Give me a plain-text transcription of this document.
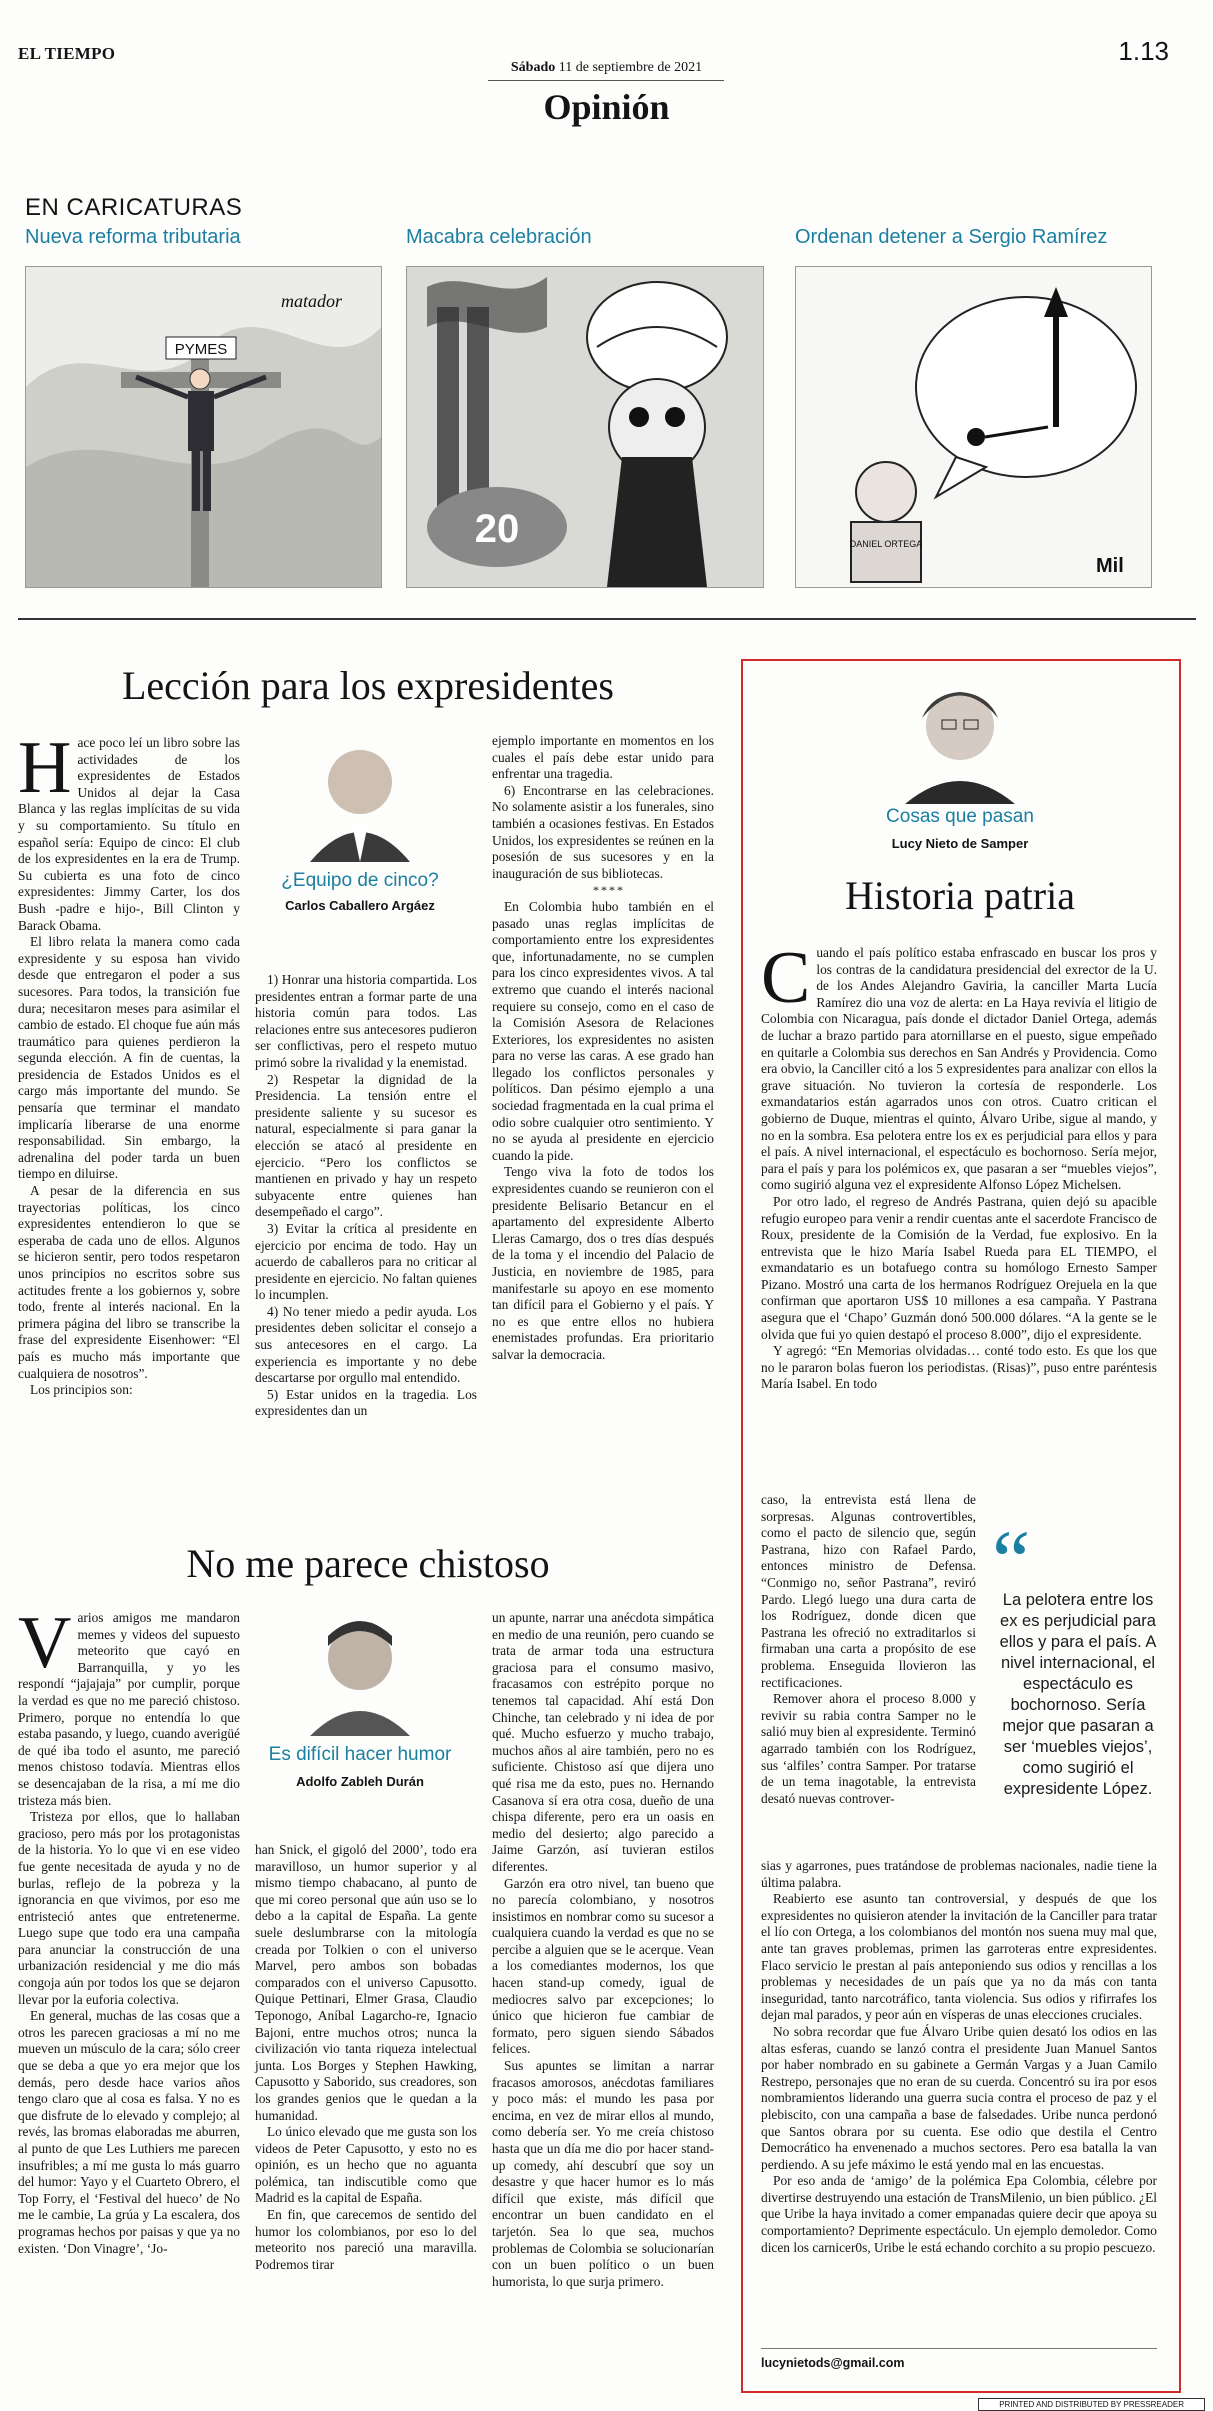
EL TIEMPO	1.13
Sábado 11 de septiembre de 2021
Opinión
EN CARICATURAS
Nueva reforma tributaria	Macabra celebración	Ordenan detener a Sergio Ramírez
PYMES
matador
20	DANIEL ORTEGA
Mil
Lección para los expresidentes

Hace poco leí un libro sobre las actividades de los expresidentes de Estados Unidos al dejar la Casa Blanca y las reglas implícitas de su vida y su comportamiento. Su título en español sería: Equipo de cinco: El club de los expresidentes en la era de Trump. Su cubierta es una foto de cinco expresidentes: Jimmy Carter, los dos Bush -padre e hijo-, Bill Clinton y Barack Obama.

El libro relata la manera como cada expresidente y su esposa han vivido desde que entregaron el poder a sus sucesores. Para todos, la transición fue dura; necesitaron meses para asimilar el cambio de estado. El choque fue aún más traumático para quienes perdieron la segunda elección. A fin de cuentas, la presidencia de Estados Unidos es el cargo más importante del mundo. Se pensaría que terminar el mandato implicaría liberarse de una enorme responsabilidad. Sin embargo, la adrenalina del poder tarda un buen tiempo en diluirse.

A pesar de la diferencia en sus trayectorias políticas, los cinco expresidentes entendieron lo que se esperaba de cada uno de ellos. Algunos se hicieron sentir, pero todos respetaron unos principios no escritos sobre sus actitudes frente a los gobiernos y, sobre todo, frente al interés nacional. En la primera página del libro se transcribe la frase del expresidente Eisenhower: “El país es mucho más importante que cualquiera de nosotros”.

Los principios son:

¿Equipo de cinco?
Carlos Caballero Argáez

1) Honrar una historia compartida. Los presidentes entran a formar parte de una historia común para todos. Las relaciones entre sus antecesores pudieron ser conflictivas, pero el respeto mutuo primó sobre la rivalidad y la enemistad.

2) Respetar la dignidad de la Presidencia. La tensión entre el presidente saliente y su sucesor es natural, especialmente si para ganar la elección se atacó al presidente en ejercicio. “Pero los conflictos se mantienen en privado y hay un respeto subyacente entre quienes han desempeñado el cargo”.

3) Evitar la crítica al presidente en ejercicio por encima de todo. Hay un acuerdo de caballeros para no criticar al presidente en ejercicio. No faltan quienes lo incumplen.

4) No tener miedo a pedir ayuda. Los presidentes deben solicitar el consejo a sus antecesores en el cargo. La experiencia es importante y no debe descartarse por orgullo mal entendido.

5) Estar unidos en la tragedia. Los expresidentes dan un

ejemplo importante en momentos en los cuales el país debe estar unido para enfrentar una tragedia.

6) Encontrarse en las celebraciones. No solamente asistir a los funerales, sino también a ocasiones festivas. En Estados Unidos, los expresidentes se reúnen en la posesión de sus sucesores y en la inauguración de sus bibliotecas.

****

En Colombia hubo también en el pasado unas reglas implícitas de comportamiento entre los expresidentes que, infortunadamente, no se cumplen para los cinco expresidentes vivos. A tal extremo que cuando el interés nacional requiere su consejo, como en el caso de la Comisión Asesora de Relaciones Exteriores, los expresidentes no asisten para no verse las caras. A ese grado han llegado los conflictos personales y políticos. Dan pésimo ejemplo a una sociedad fragmentada en la cual prima el odio sobre cualquier otro sentimiento. Y no se ayuda al presidente en ejercicio cuando la pide.

Tengo viva la foto de todos los expresidentes cuando se reunieron con el presidente Belisario Betancur en el apartamento del expresidente Alberto Lleras Camargo, dos o tres días después de la toma y el incendio del Palacio de Justicia, en noviembre de 1985, para manifestarle su apoyo en ese momento tan difícil para el Gobierno y el país. Y no es que entre ellos no hubiera enemistades profundas. Era prioritario salvar la democracia.

No me parece chistoso

Varios amigos me mandaron memes y videos del supuesto meteorito que cayó en Barranquilla, y yo les respondí “jajajaja” por cumplir, porque la verdad es que no me pareció chistoso. Primero, porque no entendía lo que estaba pasando, y luego, cuando averigüé de qué iba todo el asunto, me pareció menos chistoso todavía. Mientras ellos se desencajaban de la risa, a mí me dio tristeza más bien.

Tristeza por ellos, que lo hallaban gracioso, pero más por los protagonistas de la historia. Yo lo que vi en ese video fue gente necesitada de ayuda y no de burlas, reflejo de la pobreza y la ignorancia en que vivimos, por eso me entristeció antes que entretenerme. Luego supe que todo era una campaña para anunciar la construcción de una urbanización residencial y me dio más congoja aún por todos los que se dejaron llevar por la euforia colectiva.

En general, muchas de las cosas que a otros les parecen graciosas a mí no me mueven un músculo de la cara; sólo creer que se deba a que yo era mejor que los demás, pero desde hace varios años tengo claro que al cosa es falsa. Y no es que disfrute de lo elevado y complejo; al revés, las bromas elaboradas me aburren, al punto de que Les Luthiers me parecen insufribles; a mí me gusta lo más guarro del humor: Yayo y el Cuarteto Obrero, el Top Forry, el ‘Festival del hueco’ de No me le cambie, La grúa y La escalera, dos programas hechos por paisas y que ya no existen. ‘Don Vinagre’, ‘Jo-

Es difícil hacer humor
Adolfo Zableh Durán

han Snick, el gigoló del 2000’, todo era maravilloso, un humor superior y al mismo tiempo chabacano, al punto de que mi coreo personal que aún uso se lo debo a la capital de España. La gente suele deslumbrarse con la mitología creada por Tolkien o con el universo Marvel, pero ambos son bobadas comparados con el universo Capusotto. Quique Pettinari, Elmer Grasa, Claudio Teponogo, Aníbal Lagarcho-re, Ignacio Bajoni, entre muchos otros; nunca la civilización vio tanta riqueza intelectual junta. Los Borges y Stephen Hawking, Capusotto y Saborido, sus creadores, son los grandes genios que le quedan a la humanidad.

Lo único elevado que me gusta son los videos de Peter Capusotto, y esto no es opinión, es un hecho que no aguanta polémica, tan indiscutible como que Madrid es la capital de España.

En fin, que carecemos de sentido del humor los colombianos, por eso lo del meteorito nos pareció una maravilla. Podremos tirar

un apunte, narrar una anécdota simpática en medio de una reunión, pero cuando se trata de armar toda una estructura graciosa para el consumo masivo, fracasamos con estrépito porque no tenemos tal capacidad. Ahí está Don Chinche, tan celebrado y ni idea de por qué. Mucho esfuerzo y mucho trabajo, muchos años al aire también, pero no es suficiente. Chistoso así que dijera uno qué risa me da esto, pues no. Hernando Casanova sí era otra cosa, dueño de una chispa diferente, pero era un oasis en medio del desierto; algo parecido a Jaime Garzón, así tuvieran estilos diferentes.

Garzón era otro nivel, tan bueno que no parecía colombiano, y nosotros insistimos en nombrar como su sucesor a cualquiera cuando la verdad es que no se percibe a alguien que se le acerque. Vean a los comediantes modernos, los que hacen stand-up comedy, igual de mediocres salvo par excepciones; lo único que hicieron fue cambiar de formato, pero siguen siendo Sábados felices.

Sus apuntes se limitan a narrar fracasos amorosos, anécdotas familiares y poco más: el mundo les pasa por encima, en vez de mirar ellos al mundo, como debería ser. Yo me creía chistoso hasta que un día me dio por hacer stand-up comedy, ahí descubrí que soy un desastre y que hacer humor es lo más difícil que existe, más difícil que encontrar un buen candidato en el tarjetón. Sea lo que sea, muchos problemas de Colombia se solucionarían con un buen político o un buen humorista, lo que surja primero.

Cosas que pasan
Lucy Nieto de Samper
Historia patria

Cuando el país político estaba enfrascado en buscar los pros y los contras de la candidatura presidencial del exrector de la U. de los Andes Alejandro Gaviria, la canciller Marta Lucía Ramírez dio una voz de alerta: en La Haya revivía el litigio de Colombia con Nicaragua, país donde el dictador Daniel Ortega, además de luchar a brazo partido para atornillarse en el puesto, sigue empeñado en quitarle a Colombia sus derechos en San Andrés y Providencia. Como era obvio, la Canciller citó a los 5 expresidentes para analizar con ellos la grave situación. No tuvieron la cortesía de responderle. Los exmandatarios están agarrados unos con otros. Cuatro critican el gobierno de Duque, mientras el quinto, Álvaro Uribe, sigue al mando, y no en la sombra. Esa pelotera entre los ex es perjudicial para ellos y para el país. A nivel internacional, el espectáculo es bochornoso. Sería mejor, para el país y para los polémicos ex, que pasaran a ser “muebles viejos”, como sugirió alguna vez el expresidente Alfonso López Michelsen.

Por otro lado, el regreso de Andrés Pastrana, quien dejó su apacible refugio europeo para venir a rendir cuentas ante el sacerdote Francisco de Roux, presidente de la Comisión de la Verdad, fue explosivo. En la entrevista que le hizo María Isabel Rueda para EL TIEMPO, el exmandatario es un botafuego contra su homólogo Ernesto Samper Pizano. Mostró una carta de los hermanos Rodríguez Orejuela en la que confirman que aportaron US$ 10 millones a esa campaña. Y Pastrana asegura que el ‘Chapo’ Guzmán donó 500.000 dólares. “A la gente se le olvida que fui yo quien destapó el proceso 8.000”, dijo el expresidente.

Y agregó: “En Memorias olvidadas… conté todo esto. Es que los que no le pararon bolas fueron los periodistas. (Risas)”, puso entre paréntesis María Isabel. En todo

caso, la entrevista está llena de sorpresas. Algunas controvertibles, como el pacto de silencio que, según Pastrana, hizo con Rafael Pardo, entonces ministro de Defensa. “Conmigo no, señor Pastrana”, reviró Pardo. Llegó luego una dura carta de los Rodríguez, donde dicen que Pastrana les ofreció no extraditarlos si firmaban una carta a propósito de ese problema. Enseguida llovieron las rectificaciones.

Remover ahora el proceso 8.000 y revivir su rabia contra Samper no le salió muy bien al expresidente. Terminó agarrado también con los Rodríguez, sus ‘alfiles’ contra Samper. Por tratarse de un tema inagotable, la entrevista desató nuevas controver-

“
La pelotera entre los ex es perjudicial para ellos y para el país. A nivel internacional, el espectáculo es bochornoso. Sería mejor que pasaran a ser ‘muebles viejos’, como sugirió el expresidente López.

sias y agarrones, pues tratándose de problemas nacionales, nadie tiene la última palabra.

Reabierto ese asunto tan controversial, y después de que los expresidentes no quisieron atender la invitación de la Canciller para tratar el lío con Ortega, a los colombianos del montón nos suena muy mal que, ante tan graves problemas, primen las garroteras entre expresidentes. Flaco servicio le prestan al país anteponiendo sus odios y rencillas a los problemas y necesidades de un país que ya no da más con tanta inseguridad, tanto narcotráfico, tanta violencia. Sus odios y rifirrafes los dejan mal parados, y peor aún en vísperas de unas elecciones cruciales.

No sobra recordar que fue Álvaro Uribe quien desató los odios en las altas esferas, cuando se lanzó contra el presidente Juan Manuel Santos por haber nombrado en su gabinete a Germán Vargas y a Juan Camilo Restrepo, personajes que no eran de su cuerda. Concentró su ira por esos nombramientos liderando una guerra sucia contra el proceso de paz y el plebiscito, con una campaña a base de falsedades. Uribe nunca perdonó que Santos obrara por su cuenta. Ese odio que destila el Centro Democrático ha envenenado a muchos sectores. Pero esa batalla la van perdiendo. A su jefe máximo le está yendo mal en las encuestas.

Por eso anda de ‘amigo’ de la polémica Epa Colombia, célebre por divertirse destruyendo una estación de TransMilenio, un bien público. ¿El que Uribe la haya invitado a comer empanadas quiere decir que apoya su comportamiento? Deprimente espectáculo. Un ejemplo demoledor. Como dicen los carnicer0s, Uribe le está echando corchito a su propio pescuezo.

lucynietods@gmail.com
PRINTED AND DISTRIBUTED BY PRESSREADER
